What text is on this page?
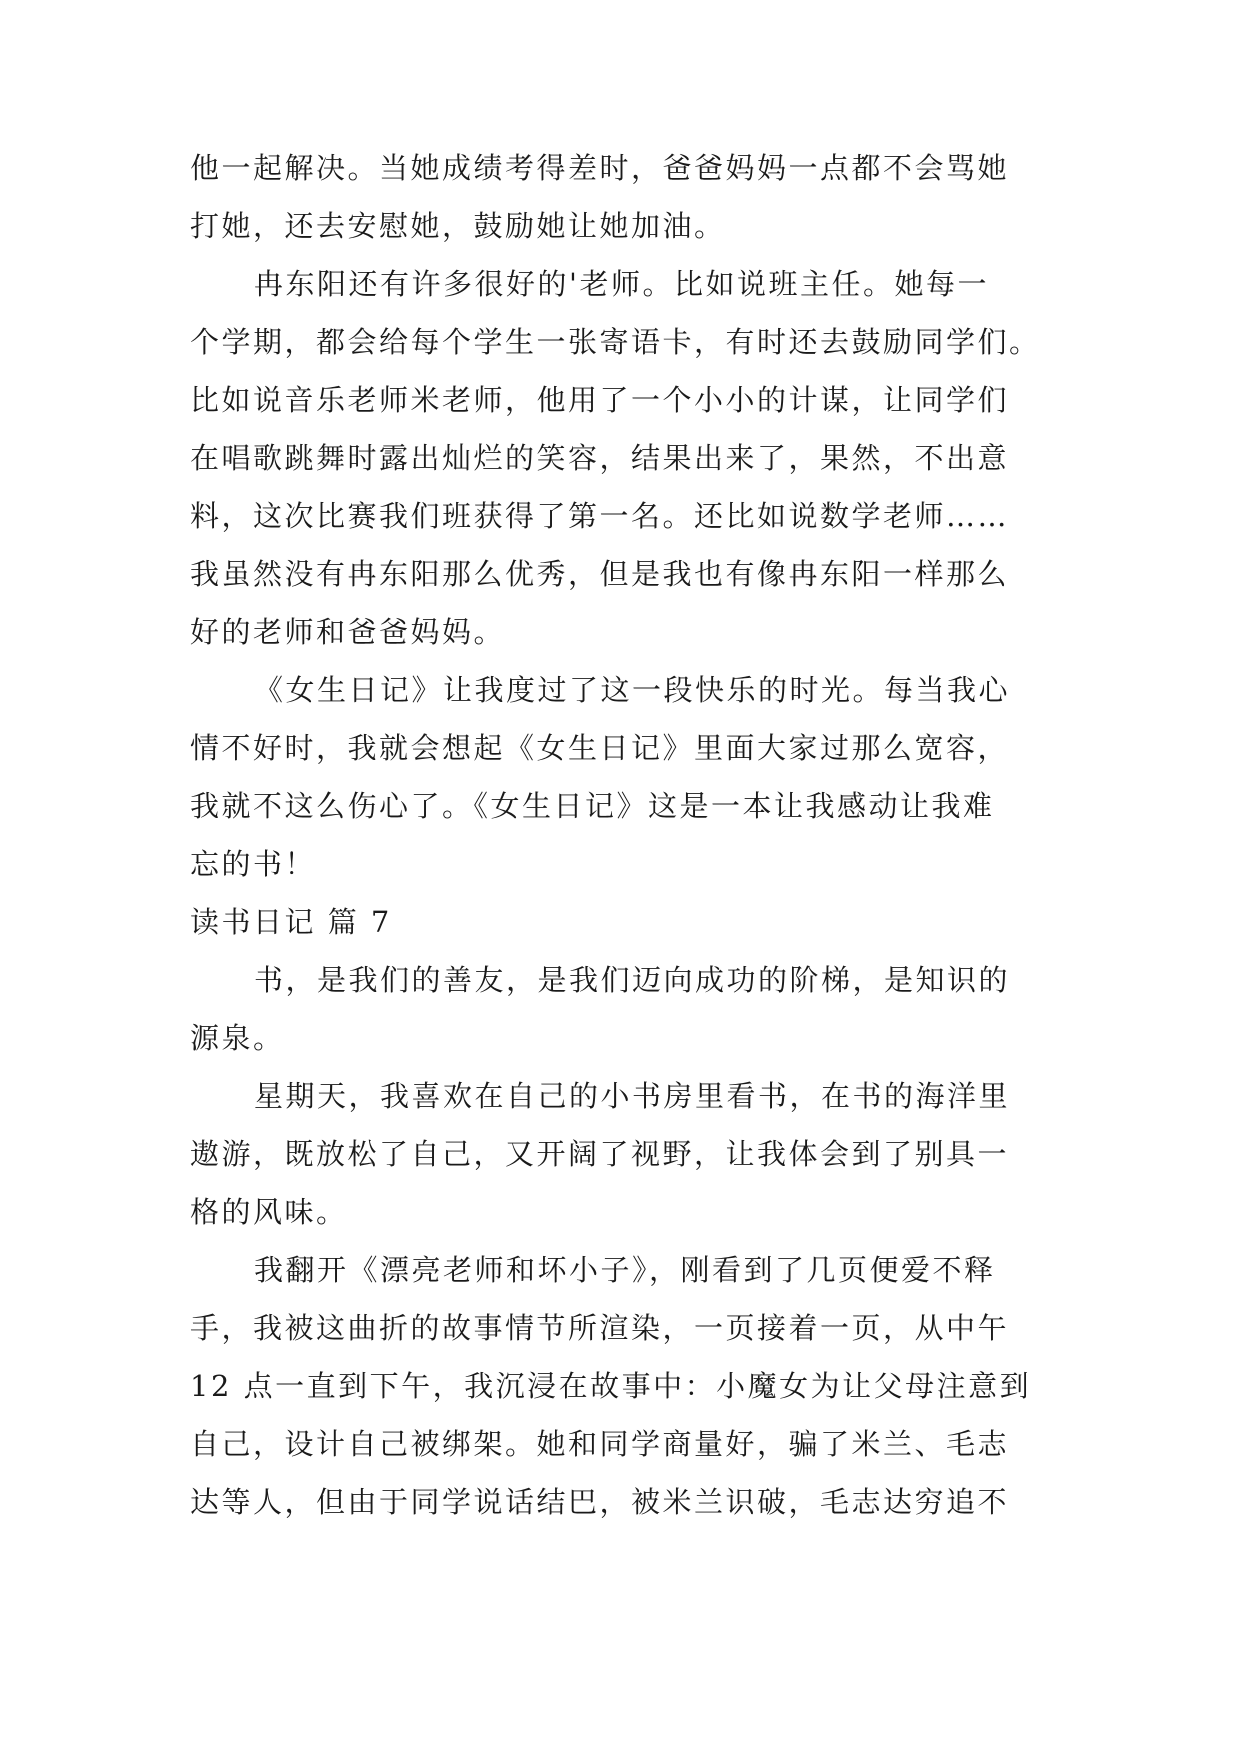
他一起解决。当她成绩考得差时，爸爸妈妈一点都不会骂她
打她，还去安慰她，鼓励她让她加油。
冉东阳还有许多很好的'老师。比如说班主任。她每一
个学期，都会给每个学生一张寄语卡，有时还去鼓励同学们。
比如说音乐老师米老师，他用了一个小小的计谋，让同学们
在唱歌跳舞时露出灿烂的笑容，结果出来了，果然，不出意
料，这次比赛我们班获得了第一名。还比如说数学老师……
我虽然没有冉东阳那么优秀，但是我也有像冉东阳一样那么
好的老师和爸爸妈妈。
《女生日记》让我度过了这一段快乐的时光。每当我心
情不好时，我就会想起《女生日记》里面大家过那么宽容，
我就不这么伤心了。《女生日记》这是一本让我感动让我难
忘的书！
读书日记 篇 7
书，是我们的善友，是我们迈向成功的阶梯，是知识的
源泉。
星期天，我喜欢在自己的小书房里看书，在书的海洋里
遨游，既放松了自己，又开阔了视野，让我体会到了别具一
格的风味。
我翻开《漂亮老师和坏小子》，刚看到了几页便爱不释
手，我被这曲折的故事情节所渲染，一页接着一页，从中午
12 点一直到下午，我沉浸在故事中：小魔女为让父母注意到
自己，设计自己被绑架。她和同学商量好，骗了米兰、毛志
达等人，但由于同学说话结巴，被米兰识破，毛志达穷追不
